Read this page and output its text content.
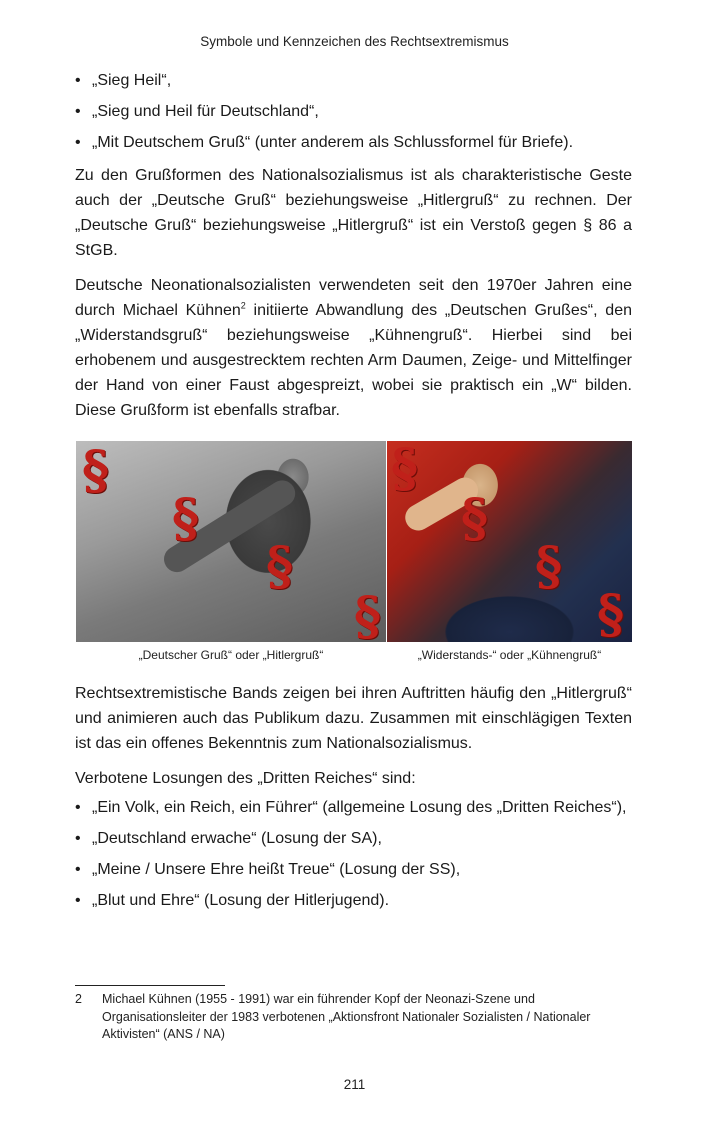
Symbole und Kennzeichen des Rechtsextremismus
• „Sieg Heil“,
• „Sieg und Heil für Deutschland“,
• „Mit Deutschem Gruß“ (unter anderem als Schlussformel für Briefe).

Zu den Grußformen des Nationalsozialismus ist als charakteristische Geste auch der „Deutsche Gruß“ beziehungsweise „Hitlergruß“ zu rechnen. Der „Deutsche Gruß“ beziehungsweise „Hitlergruß“ ist ein Verstoß gegen § 86 a StGB.

Deutsche Neonationalsozialisten verwendeten seit den 1970er Jahren eine durch Michael Kühnen$^2$ initiierte Abwandlung des „Deutschen Grußes“, den „Widerstandsgruß“ beziehungsweise „Kühnengruß“. Hierbei sind bei erhobenem und ausgestrecktem rechten Arm Daumen, Zeige- und Mittelfinger der Hand von einer Faust abgespreizt, wobei sie praktisch ein „W“ bilden. Diese Grußform ist ebenfalls strafbar.

§
§
§
§
§
§
§
§
„Deutscher Gruß“ oder „Hitlergruß“	„Widerstands-“ oder „Kühnengruß“

Rechtsextremistische Bands zeigen bei ihren Auftritten häufig den „Hitlergruß“ und animieren auch das Publikum dazu. Zusammen mit einschlägigen Texten ist das ein offenes Bekenntnis zum Nationalsozialismus.

Verbotene Losungen des „Dritten Reiches“ sind:

• „Ein Volk, ein Reich, ein Führer“ (allgemeine Losung des „Dritten Reiches“),
• „Deutschland erwache“ (Losung der SA),
• „Meine / Unsere Ehre heißt Treue“ (Losung der SS),
• „Blut und Ehre“ (Losung der Hitlerjugend).
2 Michael Kühnen (1955 - 1991) war ein führender Kopf der Neonazi-Szene und Organisationsleiter der 1983 verbotenen „Aktionsfront Nationaler Sozialisten / Nationaler Aktivisten“ (ANS / NA)
211
